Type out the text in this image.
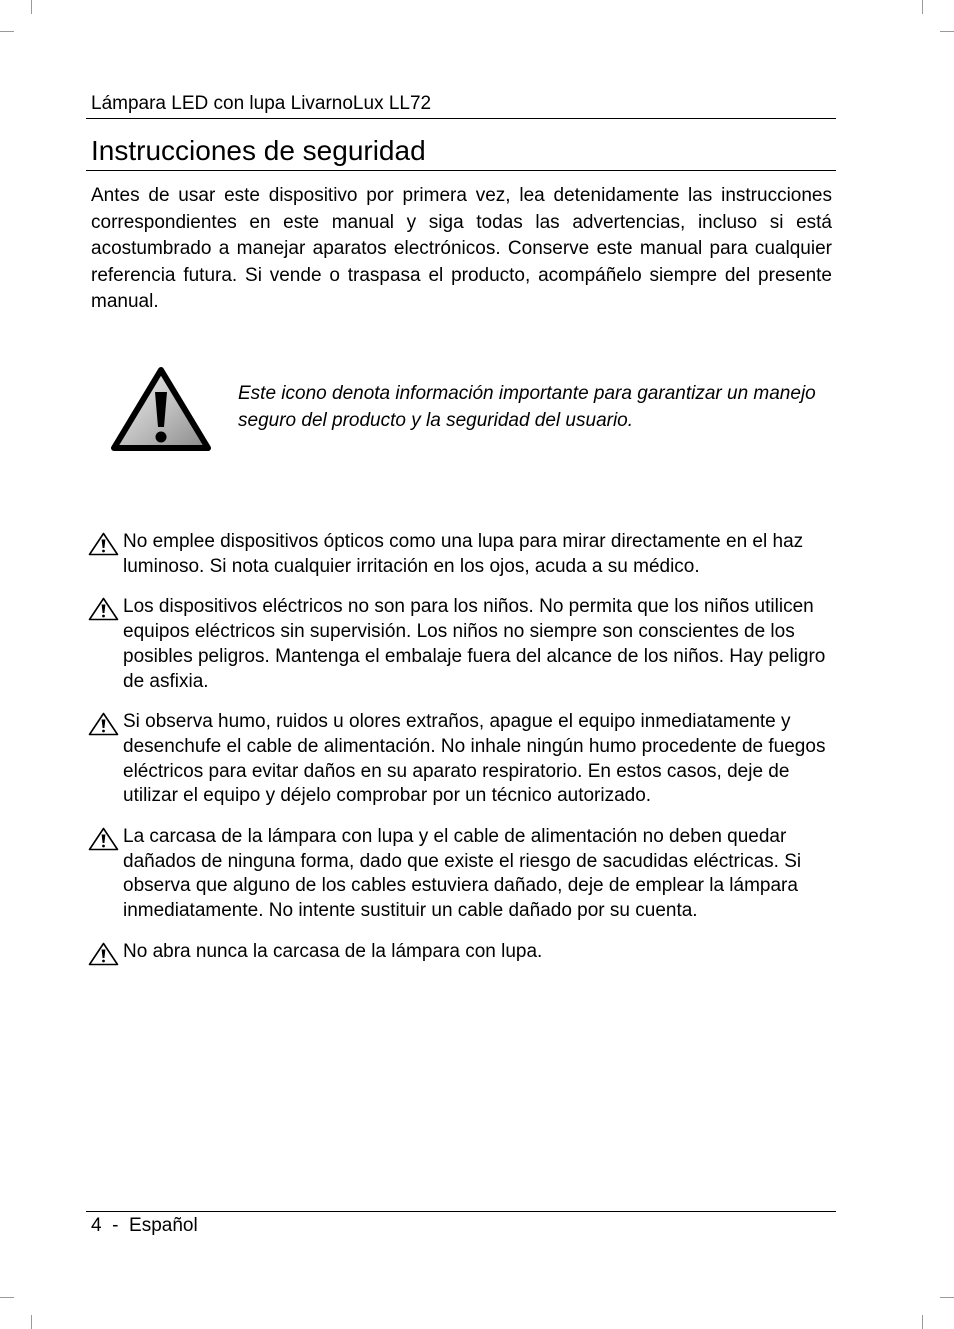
Lámpara LED con lupa LivarnoLux LL72
Instrucciones de seguridad

Antes de usar este dispositivo por primera vez, lea detenidamente las instrucciones correspondientes en este manual y siga todas las advertencias, incluso si está acostumbrado a manejar aparatos electrónicos. Conserve este manual para cualquier referencia futura. Si vende o traspasa el producto, acompáñelo siempre del presente manual.

Este icono denota información importante para garantizar un manejo seguro del producto y la seguridad del usuario.

No emplee dispositivos ópticos como una lupa para mirar directamente en el haz luminoso. Si nota cualquier irritación en los ojos, acuda a su médico.
Los dispositivos eléctricos no son para los niños. No permita que los niños utilicen equipos eléctricos sin supervisión. Los niños no siempre son conscientes de los posibles peligros. Mantenga el embalaje fuera del alcance de los niños. Hay peligro de asfixia.
Si observa humo, ruidos u olores extraños, apague el equipo inmediatamente y desenchufe el cable de alimentación. No inhale ningún humo procedente de fuegos eléctricos para evitar daños en su aparato respiratorio. En estos casos, deje de utilizar el equipo y déjelo comprobar por un técnico autorizado.
La carcasa de la lámpara con lupa y el cable de alimentación no deben quedar dañados de ninguna forma, dado que existe el riesgo de sacudidas eléctricas. Si observa que alguno de los cables estuviera dañado, deje de emplear la lámpara inmediatamente. No intente sustituir un cable dañado por su cuenta.
No abra nunca la carcasa de la lámpara con lupa.
4 - Español
